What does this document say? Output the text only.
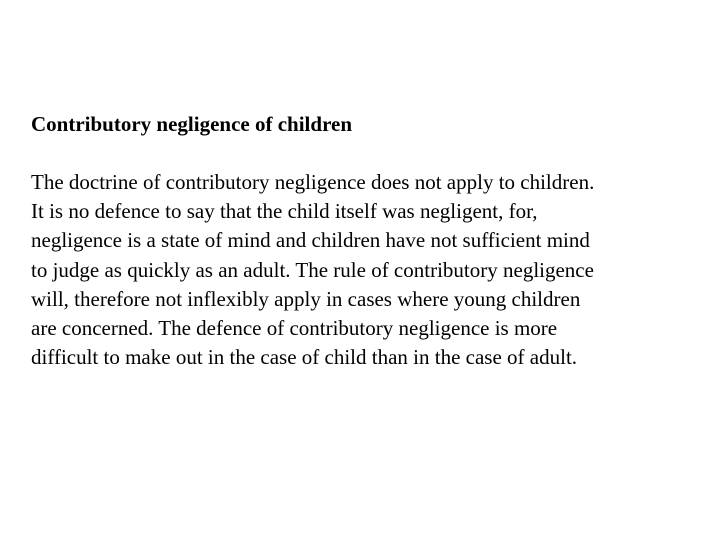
Contributory negligence of children

The doctrine of contributory negligence does not apply to children.
It is no defence to say that the child itself was negligent, for,
negligence is a state of mind and children have not sufficient mind
to judge as quickly as an adult. The rule of contributory negligence
will, therefore not inflexibly apply in cases where young children
are concerned. The defence of contributory negligence is more
difficult to make out in the case of child than in the case of adult.
